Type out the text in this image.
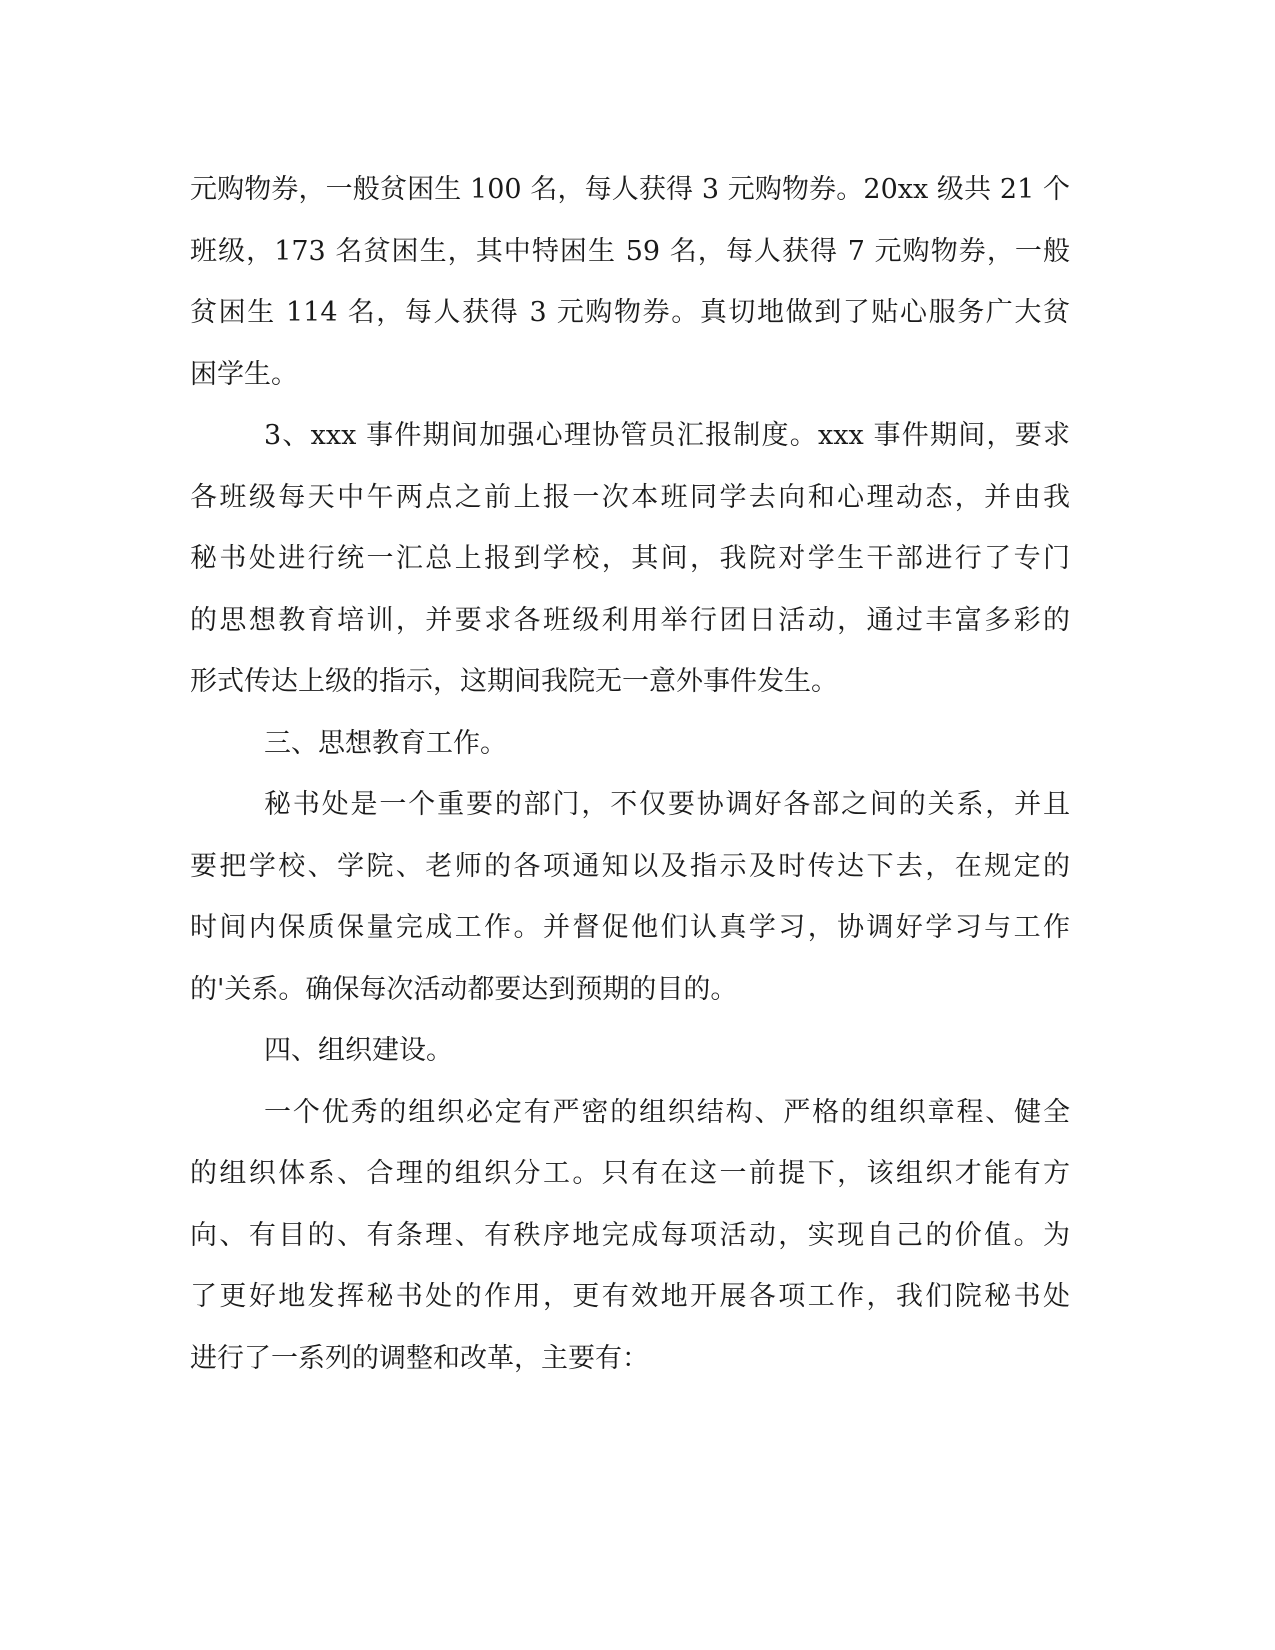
元购物券，一般贫困生 100 名，每人获得 3 元购物券。20xx 级共 21 个
班级，173 名贫困生，其中特困生 59 名，每人获得 7 元购物券，一般
贫困生 114 名，每人获得 3 元购物券。真切地做到了贴心服务广大贫
困学生。
3、xxx 事件期间加强心理协管员汇报制度。xxx 事件期间，要求
各班级每天中午两点之前上报一次本班同学去向和心理动态，并由我
秘书处进行统一汇总上报到学校，其间，我院对学生干部进行了专门
的思想教育培训，并要求各班级利用举行团日活动，通过丰富多彩的
形式传达上级的指示，这期间我院无一意外事件发生。
三、思想教育工作。
秘书处是一个重要的部门，不仅要协调好各部之间的关系，并且
要把学校、学院、老师的各项通知以及指示及时传达下去，在规定的
时间内保质保量完成工作。并督促他们认真学习，协调好学习与工作
的'关系。确保每次活动都要达到预期的目的。
四、组织建设。
一个优秀的组织必定有严密的组织结构、严格的组织章程、健全
的组织体系、合理的组织分工。只有在这一前提下，该组织才能有方
向、有目的、有条理、有秩序地完成每项活动，实现自己的价值。为
了更好地发挥秘书处的作用，更有效地开展各项工作，我们院秘书处
进行了一系列的调整和改革，主要有：
